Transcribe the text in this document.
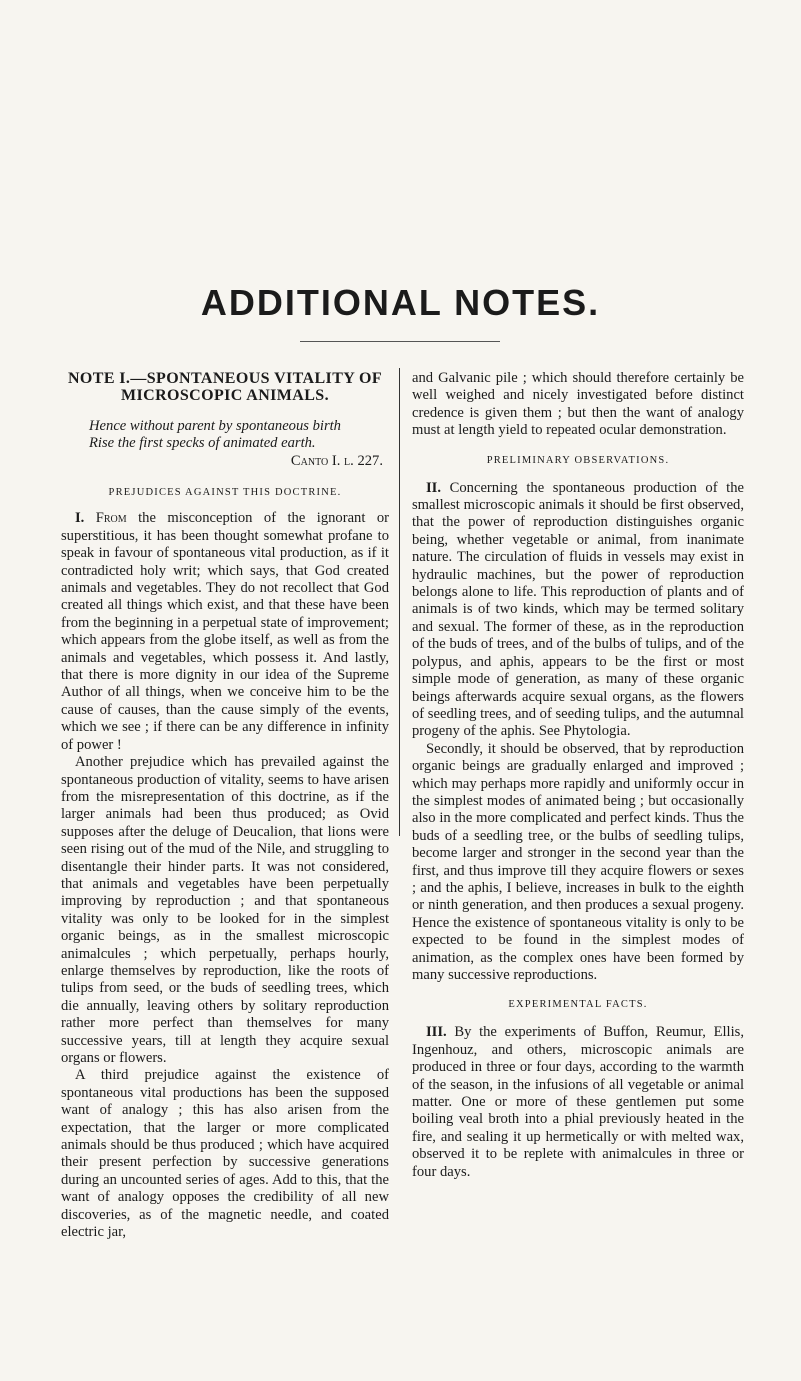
ADDITIONAL NOTES.
NOTE I.—SPONTANEOUS VITALITY OF MICROSCOPIC ANIMALS.
Hence without parent by spontaneous birth
Rise the first specks of animated earth.
Canto I. l. 227.
PREJUDICES AGAINST THIS DOCTRINE.

I. From the misconception of the ignorant or superstitious, it has been thought somewhat profane to speak in favour of spontaneous vital production, as if it contradicted holy writ; which says, that God created animals and vegetables. They do not recollect that God created all things which exist, and that these have been from the beginning in a perpetual state of improvement; which appears from the globe itself, as well as from the animals and vegetables, which possess it. And lastly, that there is more dignity in our idea of the Supreme Author of all things, when we conceive him to be the cause of causes, than the cause simply of the events, which we see ; if there can be any difference in infinity of power !

Another prejudice which has prevailed against the spontaneous production of vitality, seems to have arisen from the misrepresentation of this doctrine, as if the larger animals had been thus produced; as Ovid supposes after the deluge of Deucalion, that lions were seen rising out of the mud of the Nile, and struggling to disentangle their hinder parts. It was not considered, that animals and vegetables have been perpetually improving by reproduction ; and that spontaneous vitality was only to be looked for in the simplest organic beings, as in the smallest microscopic animalcules ; which perpetually, perhaps hourly, enlarge themselves by reproduction, like the roots of tulips from seed, or the buds of seedling trees, which die annually, leaving others by solitary reproduction rather more perfect than themselves for many successive years, till at length they acquire sexual organs or flowers.

A third prejudice against the existence of spontaneous vital productions has been the supposed want of analogy ; this has also arisen from the expectation, that the larger or more complicated animals should be thus produced ; which have acquired their present perfection by successive generations during an uncounted series of ages. Add to this, that the want of analogy opposes the credibility of all new discoveries, as of the magnetic needle, and coated electric jar,

and Galvanic pile ; which should therefore certainly be well weighed and nicely investigated before distinct credence is given them ; but then the want of analogy must at length yield to repeated ocular demonstration.

PRELIMINARY OBSERVATIONS.

II. Concerning the spontaneous production of the smallest microscopic animals it should be first observed, that the power of reproduction distinguishes organic being, whether vegetable or animal, from inanimate nature. The circulation of fluids in vessels may exist in hydraulic machines, but the power of reproduction belongs alone to life. This reproduction of plants and of animals is of two kinds, which may be termed solitary and sexual. The former of these, as in the reproduction of the buds of trees, and of the bulbs of tulips, and of the polypus, and aphis, appears to be the first or most simple mode of generation, as many of these organic beings afterwards acquire sexual organs, as the flowers of seedling trees, and of seeding tulips, and the autumnal progeny of the aphis. See Phytologia.

Secondly, it should be observed, that by reproduction organic beings are gradually enlarged and improved ; which may perhaps more rapidly and uniformly occur in the simplest modes of animated being ; but occasionally also in the more complicated and perfect kinds. Thus the buds of a seedling tree, or the bulbs of seedling tulips, become larger and stronger in the second year than the first, and thus improve till they acquire flowers or sexes ; and the aphis, I believe, increases in bulk to the eighth or ninth generation, and then produces a sexual progeny. Hence the existence of spontaneous vitality is only to be expected to be found in the simplest modes of animation, as the complex ones have been formed by many successive reproductions.

EXPERIMENTAL FACTS.

III. By the experiments of Buffon, Reumur, Ellis, Ingenhouz, and others, microscopic animals are produced in three or four days, according to the warmth of the season, in the infusions of all vegetable or animal matter. One or more of these gentlemen put some boiling veal broth into a phial previously heated in the fire, and sealing it up hermetically or with melted wax, observed it to be replete with animalcules in three or four days.
